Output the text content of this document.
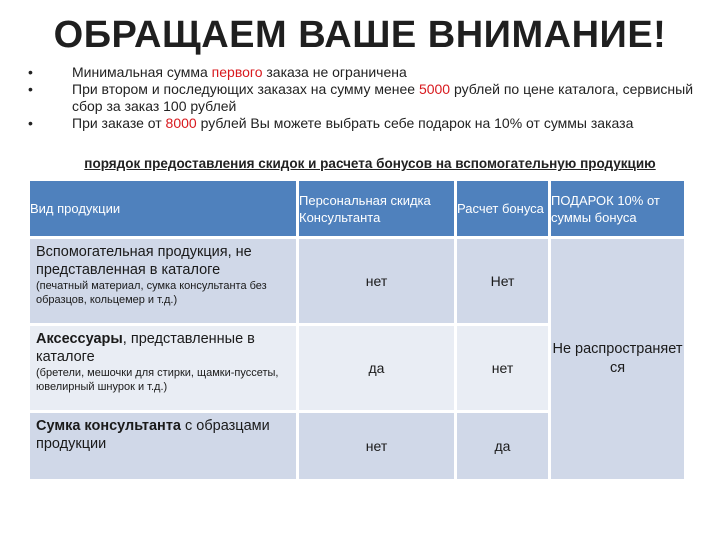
ОБРАЩАЕМ ВАШЕ ВНИМАНИЕ!
•	Минимальная сумма первого заказа не ограничена
•	При втором и последующих заказах на сумму менее 5000 рублей по цене каталога, сервисный сбор за заказ 100 рублей
•	При заказе от 8000 рублей Вы можете выбрать себе подарок на 10% от суммы заказа
порядок предоставления скидок и расчета бонусов на вспомогательную продукцию
Вид продукции	Персональная скидка Консультанта	Расчет бонуса	ПОДАРОК 10% от суммы бонуса

Вспомогательная продукция, не представленная в каталоге
(печатный материал, сумка консультанта без образцов, кольцемер и т.д.)	нет	Нет	Не распространяет ся

Аксессуары, представленные в каталоге
(бретели, мешочки для стирки, щамки-пуссеты, ювелирный шнурок и т.д.)	да	нет	

Сумка консультанта с образцами продукции	нет	да	
